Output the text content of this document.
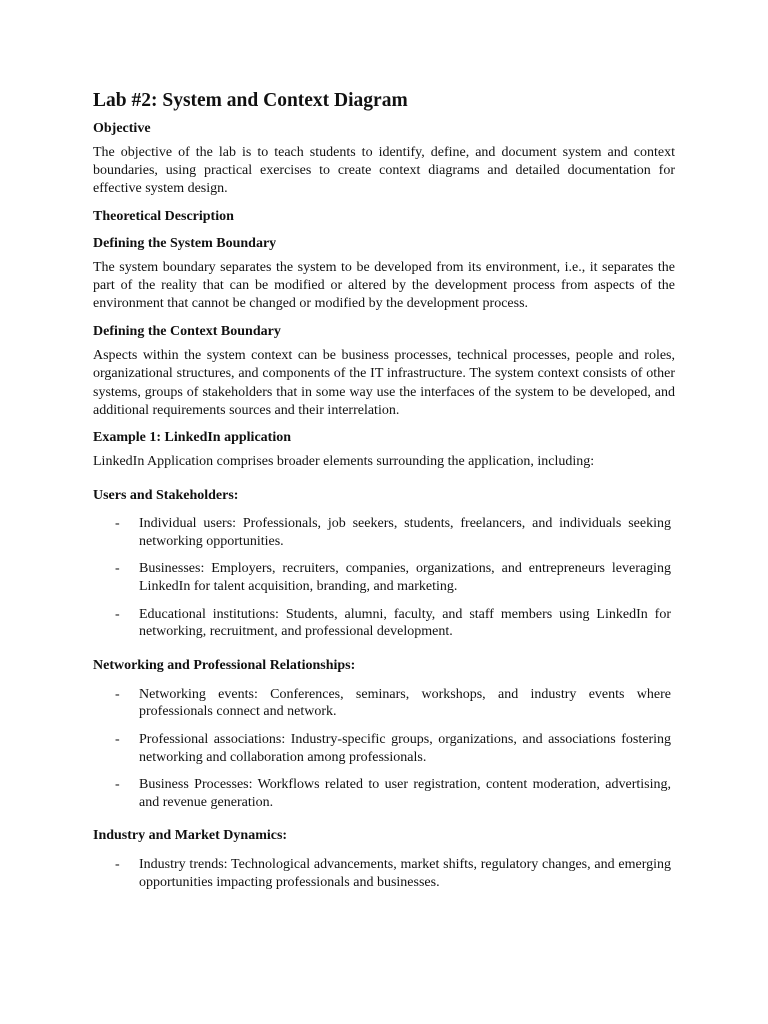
Lab #2: System and Context Diagram
Objective

The objective of the lab is to teach students to identify, define, and document system and context boundaries, using practical exercises to create context diagrams and detailed documentation for effective system design.

Theoretical Description
Defining the System Boundary

The system boundary separates the system to be developed from its environment, i.e., it separates the part of the reality that can be modified or altered by the development process from aspects of the environment that cannot be changed or modified by the development process.

Defining the Context Boundary

Aspects within the system context can be business processes, technical processes, people and roles, organizational structures, and components of the IT infrastructure. The system context consists of other systems, groups of stakeholders that in some way use the interfaces of the system to be developed, and additional requirements sources and their interrelation.

Example 1: LinkedIn application

LinkedIn Application comprises broader elements surrounding the application, including:

Users and Stakeholders:
- Individual users: Professionals, job seekers, students, freelancers, and individuals seeking networking opportunities.
- Businesses: Employers, recruiters, companies, organizations, and entrepreneurs leveraging LinkedIn for talent acquisition, branding, and marketing.
- Educational institutions: Students, alumni, faculty, and staff members using LinkedIn for networking, recruitment, and professional development.
Networking and Professional Relationships:
- Networking events: Conferences, seminars, workshops, and industry events where professionals connect and network.
- Professional associations: Industry-specific groups, organizations, and associations fostering networking and collaboration among professionals.
- Business Processes: Workflows related to user registration, content moderation, advertising, and revenue generation.
Industry and Market Dynamics:
- Industry trends: Technological advancements, market shifts, regulatory changes, and emerging opportunities impacting professionals and businesses.
